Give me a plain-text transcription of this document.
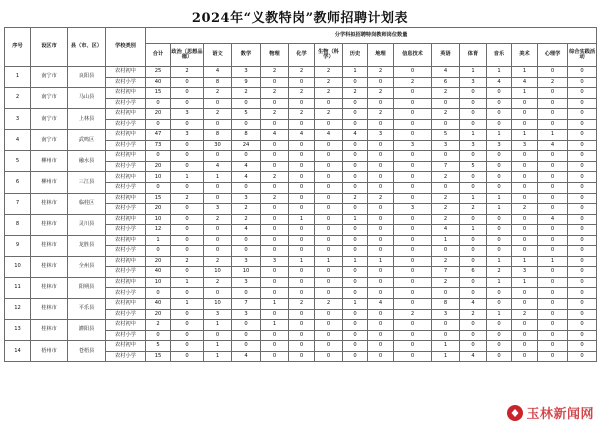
2024年“义教特岗”教师招聘计划表
序号	设区市	县（市、区）	学校类别	分学科拟招聘特岗教师岗位数量															
				合计	政治（思想品德）	语文	数学	物理	化学	生物（科学）	历史	地理	信息技术	英语	体育	音乐	美术	心理学	综合实践活动
1	南宁市	良阳县	农村初中	25	2	4	3	2	2	2	1	2	0	4	1	1	1	0	0
			农村小学	40	0	8	9	0	0	2	0	0	2	6	3	4	4	2	0
2	南宁市	马山县	农村初中	15	0	2	2	2	2	2	2	2	0	2	0	0	1	0	0
			农村小学	0	0	0	0	0	0	0	0	0	0	0	0	0	0	0	0
3	南宁市	上林县	农村初中	20	3	2	5	2	2	2	0	2	0	2	0	0	0	0	0
			农村小学	0	0	0	0	0	0	0	0	0	0	0	0	0	0	0	0
4	南宁市	武鸣区	农村初中	47	3	8	8	4	4	4	4	3	0	5	1	1	1	1	0
			农村小学	73	0	30	24	0	0	0	0	0	3	3	3	3	3	4	0
5	柳州市	融水县	农村初中	0	0	0	0	0	0	0	0	0	0	0	0	0	0	0	0
			农村小学	20	0	4	4	0	0	0	0	0	0	7	5	0	0	0	0
6	柳州市	三江县	农村初中	10	1	1	4	2	0	0	0	0	0	2	0	0	0	0	0
			农村小学	0	0	0	0	0	0	0	0	0	0	0	0	0	0	0	0
7	桂林市	临桂区	农村初中	15	2	0	3	2	0	0	2	2	0	2	1	1	0	0	0
			农村小学	20	0	3	2	0	0	0	0	0	3	2	2	1	2	0	0
8	桂林市	灵川县	农村初中	10	0	2	2	0	1	0	1	0	0	2	0	0	0	4	0
			农村小学	12	0	0	4	0	0	0	0	0	0	4	1	0	0	0	0
9	桂林市	龙胜县	农村初中	1	0	0	0	0	0	0	0	0	0	1	0	0	0	0	0
			农村小学	0	0	0	0	0	0	0	0	0	0	0	0	0	0	0	0
10	桂林市	全州县	农村初中	20	2	2	3	3	1	1	1	1	0	2	0	1	1	1	0
			农村小学	40	0	10	10	0	0	0	0	0	0	7	6	2	3	0	0
11	桂林市	阳朔县	农村初中	10	1	2	3	0	0	0	0	0	0	2	0	1	1	0	0
			农村小学	0	0	0	0	0	0	0	0	0	0	0	0	0	0	0	0
12	桂林市	平乐县	农村初中	40	1	10	7	1	2	2	1	4	0	8	4	0	0	0	0
			农村小学	20	0	3	3	0	0	0	0	0	2	3	2	1	2	0	0
13	桂林市	灌阳县	农村初中	2	0	1	0	1	0	0	0	0	0	0	0	0	0	0	0
			农村小学	0	0	0	0	0	0	0	0	0	0	0	0	0	0	0	0
14	梧州市	苍梧县	农村初中	5	0	1	0	0	0	0	0	0	0	1	0	0	0	0	0
			农村小学	15	0	1	4	0	0	0	0	0	0	1	4	0	0	0	0
玉林新闻网
